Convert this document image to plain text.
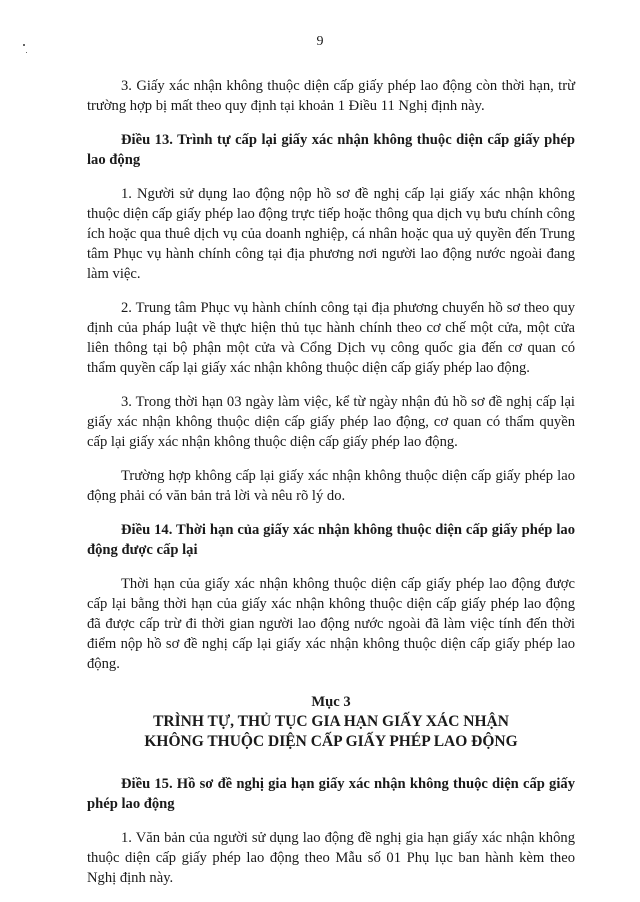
9

3. Giấy xác nhận không thuộc diện cấp giấy phép lao động còn thời hạn, trừ trường hợp bị mất theo quy định tại khoản 1 Điều 11 Nghị định này.

Điều 13. Trình tự cấp lại giấy xác nhận không thuộc diện cấp giấy phép lao động

1. Người sử dụng lao động nộp hồ sơ đề nghị cấp lại giấy xác nhận không thuộc diện cấp giấy phép lao động trực tiếp hoặc thông qua dịch vụ bưu chính công ích hoặc qua thuê dịch vụ của doanh nghiệp, cá nhân hoặc qua uỷ quyền đến Trung tâm Phục vụ hành chính công tại địa phương nơi người lao động nước ngoài đang làm việc.

2. Trung tâm Phục vụ hành chính công tại địa phương chuyển hồ sơ theo quy định của pháp luật về thực hiện thủ tục hành chính theo cơ chế một cửa, một cửa liên thông tại bộ phận một cửa và Cổng Dịch vụ công quốc gia đến cơ quan có thẩm quyền cấp lại giấy xác nhận không thuộc diện cấp giấy phép lao động.

3. Trong thời hạn 03 ngày làm việc, kể từ ngày nhận đủ hồ sơ đề nghị cấp lại giấy xác nhận không thuộc diện cấp giấy phép lao động, cơ quan có thẩm quyền cấp lại giấy xác nhận không thuộc diện cấp giấy phép lao động.

Trường hợp không cấp lại giấy xác nhận không thuộc diện cấp giấy phép lao động phải có văn bản trả lời và nêu rõ lý do.

Điều 14. Thời hạn của giấy xác nhận không thuộc diện cấp giấy phép lao động được cấp lại

Thời hạn của giấy xác nhận không thuộc diện cấp giấy phép lao động được cấp lại bằng thời hạn của giấy xác nhận không thuộc diện cấp giấy phép lao động đã được cấp trừ đi thời gian người lao động nước ngoài đã làm việc tính đến thời điểm nộp hồ sơ đề nghị cấp lại giấy xác nhận không thuộc diện cấp giấy phép lao động.

Mục 3
TRÌNH TỰ, THỦ TỤC GIA HẠN GIẤY XÁC NHẬN
KHÔNG THUỘC DIỆN CẤP GIẤY PHÉP LAO ĐỘNG

Điều 15. Hồ sơ đề nghị gia hạn giấy xác nhận không thuộc diện cấp giấy phép lao động

1. Văn bản của người sử dụng lao động đề nghị gia hạn giấy xác nhận không thuộc diện cấp giấy phép lao động theo Mẫu số 01 Phụ lục ban hành kèm theo Nghị định này.
